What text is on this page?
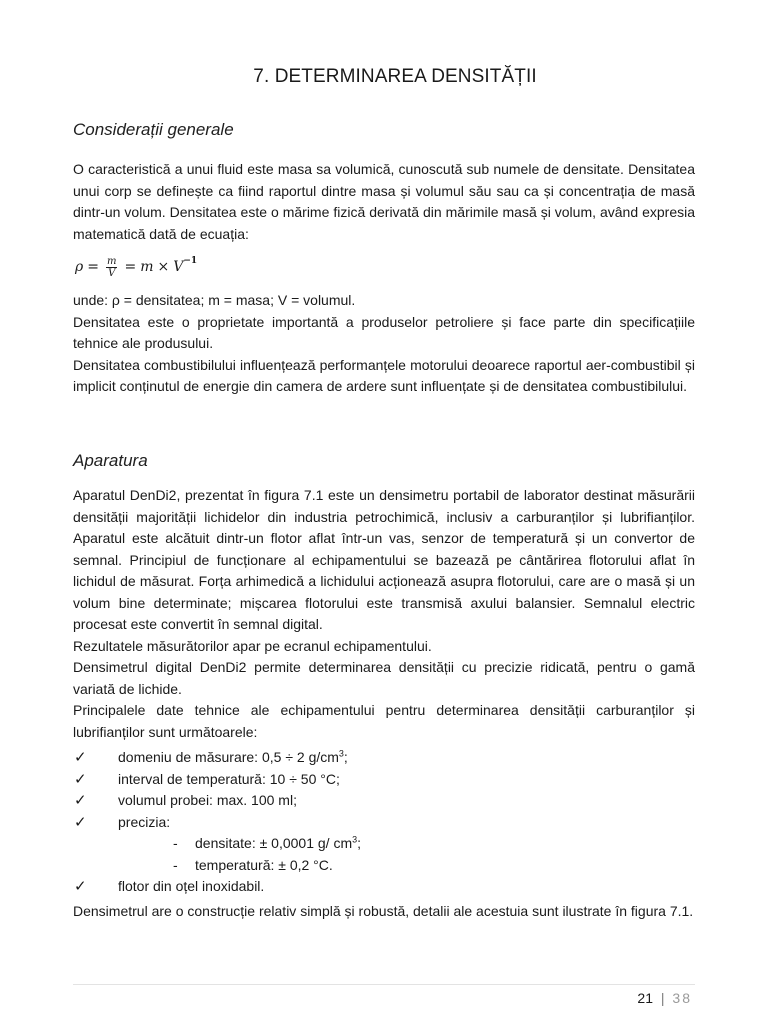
7. DETERMINAREA DENSITĂȚII
Considerații generale

O caracteristică a unui fluid este masa sa volumică, cunoscută sub numele de densitate. Densitatea unui corp se definește ca fiind raportul dintre masa și volumul său sau ca și concentrația de masă dintr-un volum. Densitatea este o mărime fizică derivată din mărimile masă și volum, având expresia matematică dată de ecuația:

$\rho = \frac{m}{V} = m \times V -1$

unde: ρ = densitatea; m = masa; V = volumul.

Densitatea este o proprietate importantă a produselor petroliere și face parte din specificațiile tehnice ale produsului.

Densitatea combustibilului influențează performanțele motorului deoarece raportul aer-combustibil și implicit conținutul de energie din camera de ardere sunt influențate și de densitatea combustibilului.

Aparatura

Aparatul DenDi2, prezentat în figura 7.1 este un densimetru portabil de laborator destinat măsurării densității majorității lichidelor din industria petrochimică, inclusiv a carburanților și lubrifianților. Aparatul este alcătuit dintr-un flotor aflat într-un vas, senzor de temperatură și un convertor de semnal. Principiul de funcționare al echipamentului se bazează pe cântărirea flotorului aflat în lichidul de măsurat. Forța arhimedică a lichidului acționează asupra flotorului, care are o masă și un volum bine determinate; mișcarea flotorului este transmisă axului balansier. Semnalul electric procesat este convertit în semnal digital.

Rezultatele măsurătorilor apar pe ecranul echipamentului.

Densimetrul digital DenDi2 permite determinarea densității cu precizie ridicată, pentru o gamă variată de lichide.

Principalele date tehnice ale echipamentului pentru determinarea densității carburanților și lubrifianților sunt următoarele:

✓ domeniu de măsurare: 0,5 ÷ 2 $g/cm^3$;
✓ interval de temperatură: 10 ÷ 50 °C;
✓ volumul probei: max. 100 ml;
✓ precizia:
- densitate: ± 0,0001 g/ $cm^3$;
- temperatură: ± 0,2 °C.
✓ flotor din oțel inoxidabil.

Densimetrul are o construcție relativ simplă și robustă, detalii ale acestuia sunt ilustrate în figura 7.1.

21 | 38
